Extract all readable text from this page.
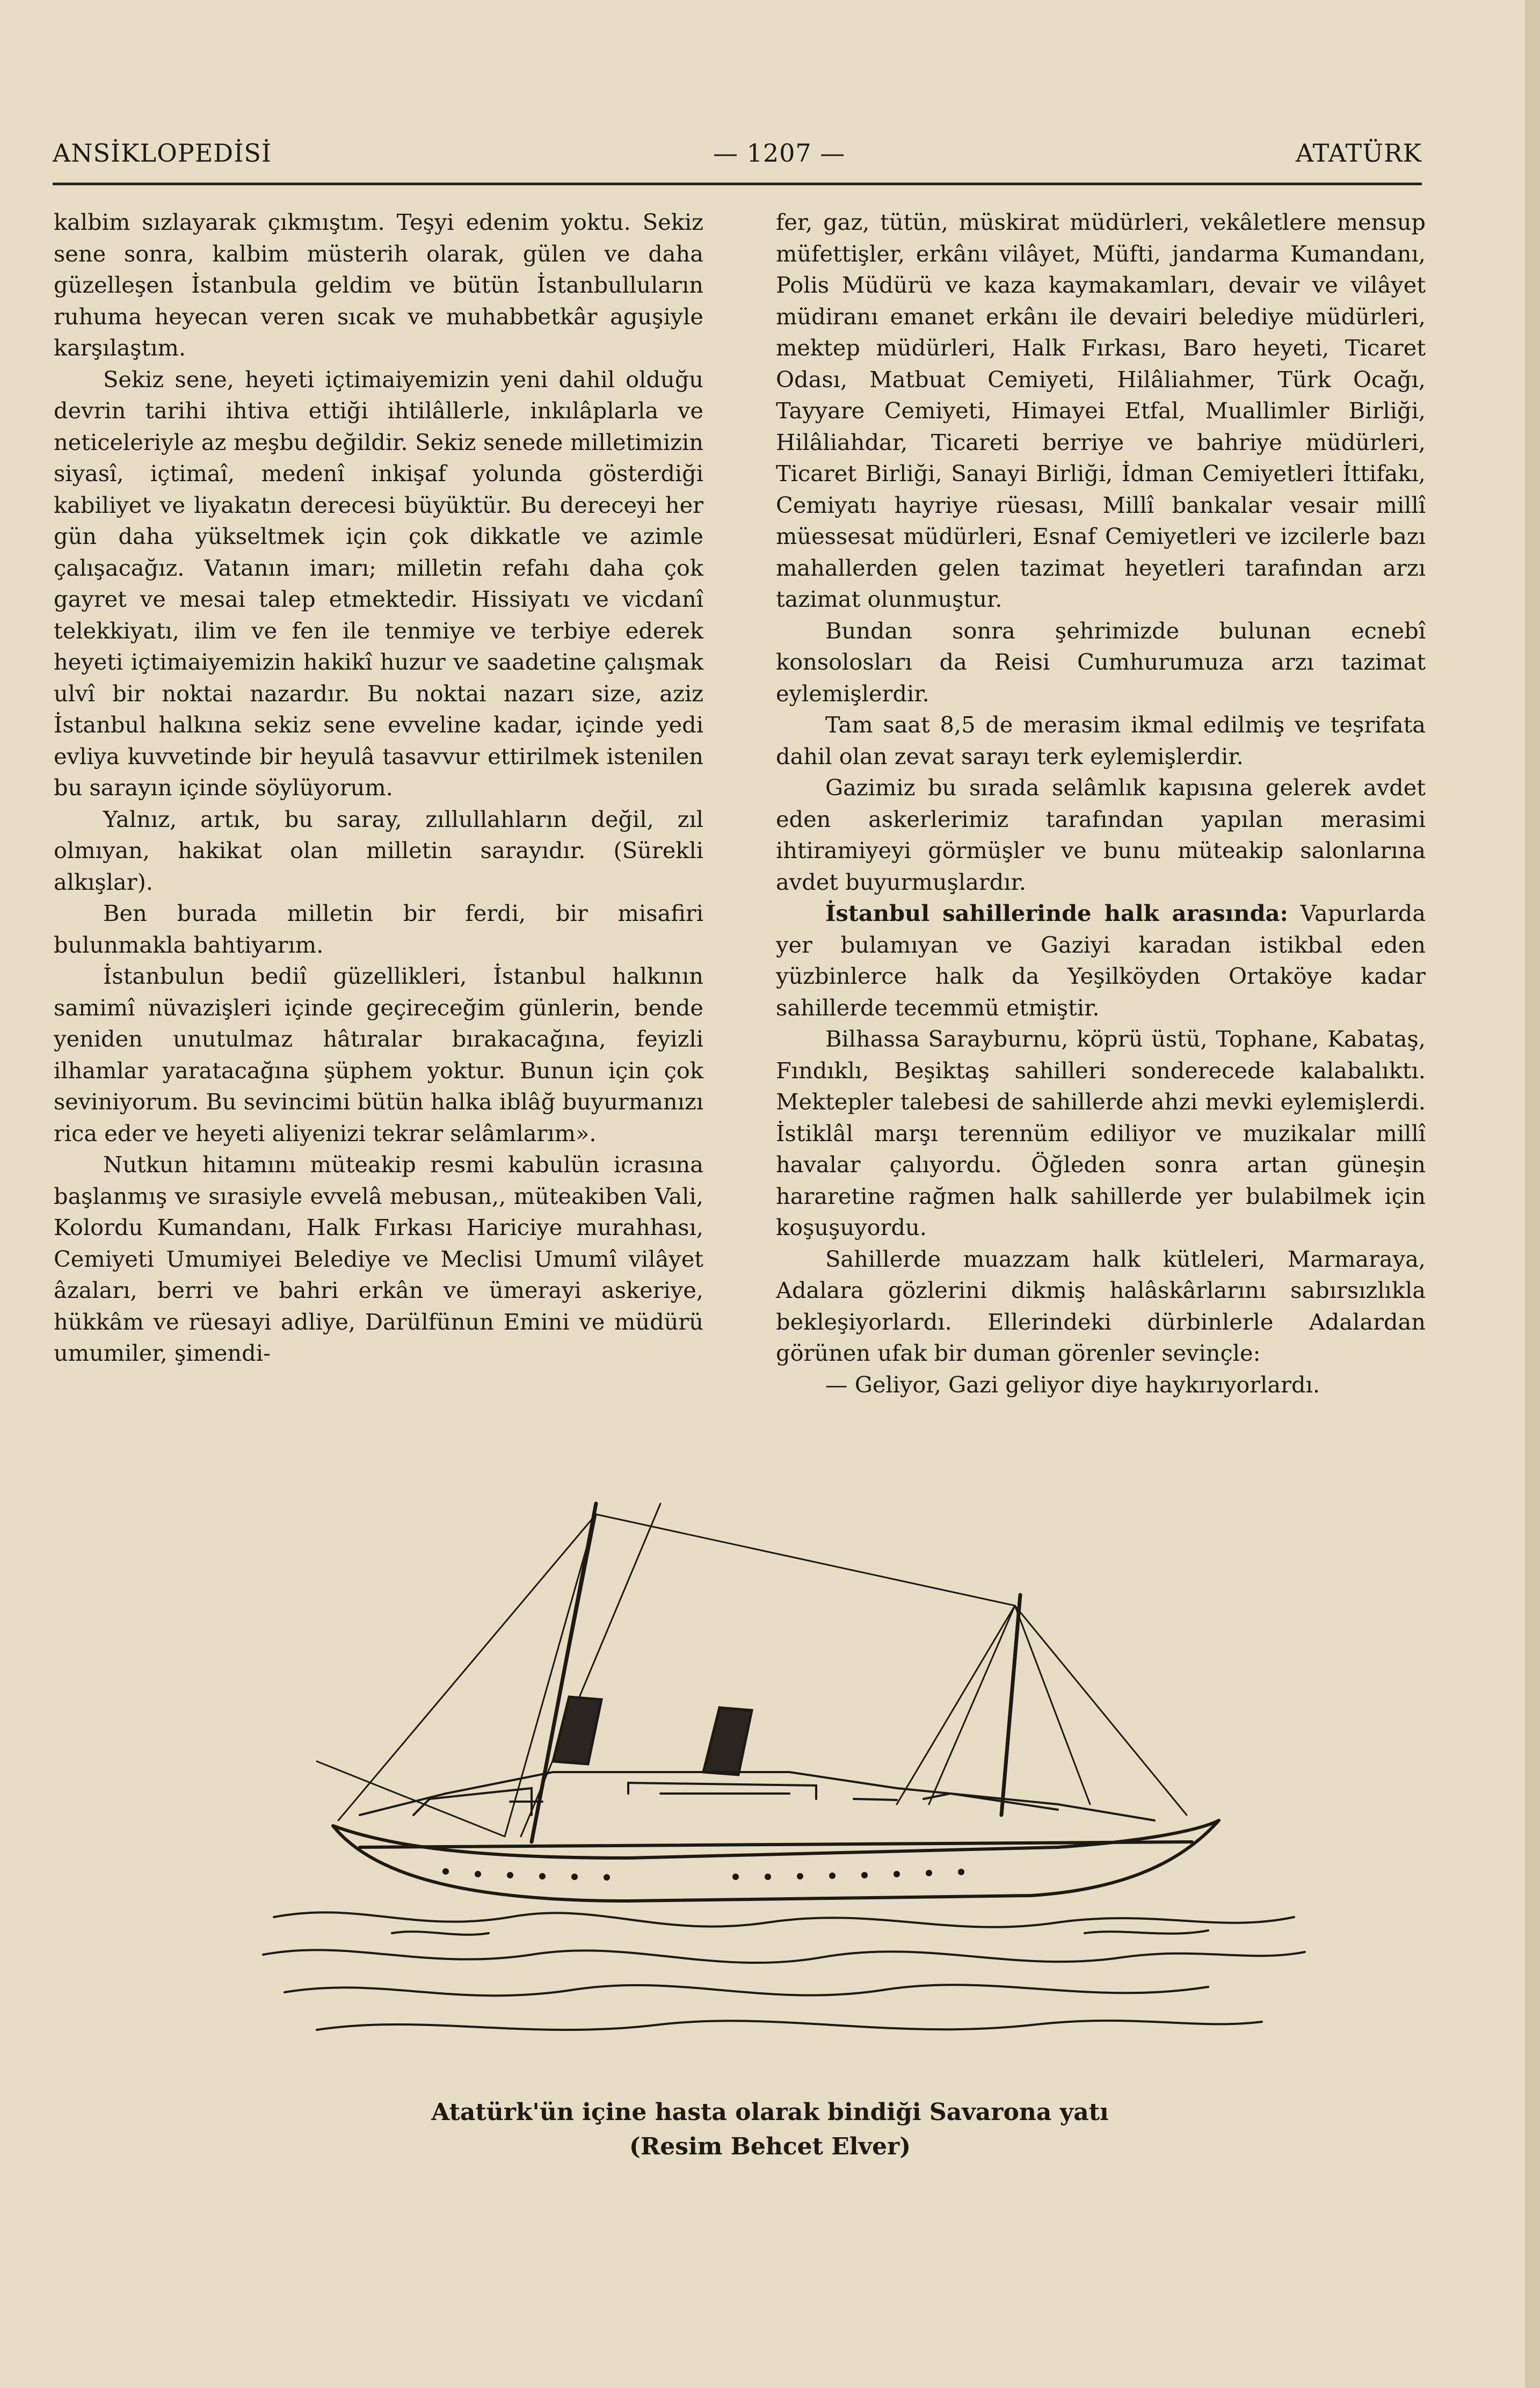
ANSİKLOPEDİSİ	— 1207 —	ATATÜRK

kalbim sızlayarak çıkmıştım. Teşyi edenim yoktu. Sekiz sene sonra, kalbim müsterih olarak, gülen ve daha güzelleşen İstanbula geldim ve bütün İstanbulluların ruhuma heyecan veren sıcak ve muhabbetkâr aguşiyle karşılaştım.

Sekiz sene, heyeti içtimaiyemizin yeni dahil olduğu devrin tarihi ihtiva ettiği ihtilâllerle, inkılâplarla ve neticeleriyle az meşbu değildir. Sekiz senede milletimizin siyasî, içtimaî, medenî inkişaf yolunda gösterdiği kabiliyet ve liyakatın derecesi büyüktür. Bu dereceyi her gün daha yükseltmek için çok dikkatle ve azimle çalışacağız. Vatanın imarı; milletin refahı daha çok gayret ve mesai talep etmektedir. Hissiyatı ve vicdanî telekkiyatı, ilim ve fen ile tenmiye ve terbiye ederek heyeti içtimaiyemizin hakikî huzur ve saadetine çalışmak ulvî bir noktai nazardır. Bu noktai nazarı size, aziz İstanbul halkına sekiz sene evveline kadar, içinde yedi evliya kuvvetinde bir heyulâ tasavvur ettirilmek istenilen bu sarayın içinde söylüyorum.

Yalnız, artık, bu saray, zıllullahların değil, zıl olmıyan, hakikat olan milletin sarayıdır. (Sürekli alkışlar).

Ben burada milletin bir ferdi, bir misafiri bulunmakla bahtiyarım.

İstanbulun bediî güzellikleri, İstanbul halkının samimî nüvazişleri içinde geçireceğim günlerin, bende yeniden unutulmaz hâtıralar bırakacağına, feyizli ilhamlar yaratacağına şüphem yoktur. Bunun için çok seviniyorum. Bu sevincimi bütün halka iblâğ buyurmanızı rica eder ve heyeti aliyenizi tekrar selâmlarım».

Nutkun hitamını müteakip resmi kabulün icrasına başlanmış ve sırasiyle evvelâ mebusan,, müteakiben Vali, Kolordu Kumandanı, Halk Fırkası Hariciye murahhası, Cemiyeti Umumiyei Belediye ve Meclisi Umumî vilâyet âzaları, berri ve bahri erkân ve ümerayi askeriye, hükkâm ve rüesayi adliye, Darülfünun Emini ve müdürü umumiler, şimendi-

fer, gaz, tütün, müskirat müdürleri, vekâletlere mensup müfettişler, erkânı vilâyet, Müfti, jandarma Kumandanı, Polis Müdürü ve kaza kaymakamları, devair ve vilâyet müdiranı emanet erkânı ile devairi belediye müdürleri, mektep müdürleri, Halk Fırkası, Baro heyeti, Ticaret Odası, Matbuat Cemiyeti, Hilâliahmer, Türk Ocağı, Tayyare Cemiyeti, Himayei Etfal, Muallimler Birliği, Hilâliahdar, Ticareti berriye ve bahriye müdürleri, Ticaret Birliği, Sanayi Birliği, İdman Cemiyetleri İttifakı, Cemiyatı hayriye rüesası, Millî bankalar vesair millî müessesat müdürleri, Esnaf Cemiyetleri ve izcilerle bazı mahallerden gelen tazimat heyetleri tarafından arzı tazimat olunmuştur.

Bundan sonra şehrimizde bulunan ecnebî konsolosları da Reisi Cumhurumuza arzı tazimat eylemişlerdir.

Tam saat 8,5 de merasim ikmal edilmiş ve teşrifata dahil olan zevat sarayı terk eylemişlerdir.

Gazimiz bu sırada selâmlık kapısına gelerek avdet eden askerlerimiz tarafından yapılan merasimi ihtiramiyeyi görmüşler ve bunu müteakip salonlarına avdet buyurmuşlardır.

İstanbul sahillerinde halk arasında: Vapurlarda yer bulamıyan ve Gaziyi karadan istikbal eden yüzbinlerce halk da Yeşilköyden Ortaköye kadar sahillerde tecemmü etmiştir.

Bilhassa Sarayburnu, köprü üstü, Tophane, Kabataş, Fındıklı, Beşiktaş sahilleri sonderecede kalabalıktı. Mektepler talebesi de sahillerde ahzi mevki eylemişlerdi. İstiklâl marşı terennüm ediliyor ve muzikalar millî havalar çalıyordu. Öğleden sonra artan güneşin hararetine rağmen halk sahillerde yer bulabilmek için koşuşuyordu.

Sahillerde muazzam halk kütleleri, Marmaraya, Adalara gözlerini dikmiş halâskârlarını sabırsızlıkla bekleşiyorlardı. Ellerindeki dürbinlerle Adalardan görünen ufak bir duman görenler sevinçle:

— Geliyor, Gazi geliyor diye haykırıyorlardı.

Atatürk'ün içine hasta olarak bindiği Savarona yatı
(Resim Behcet Elver)
